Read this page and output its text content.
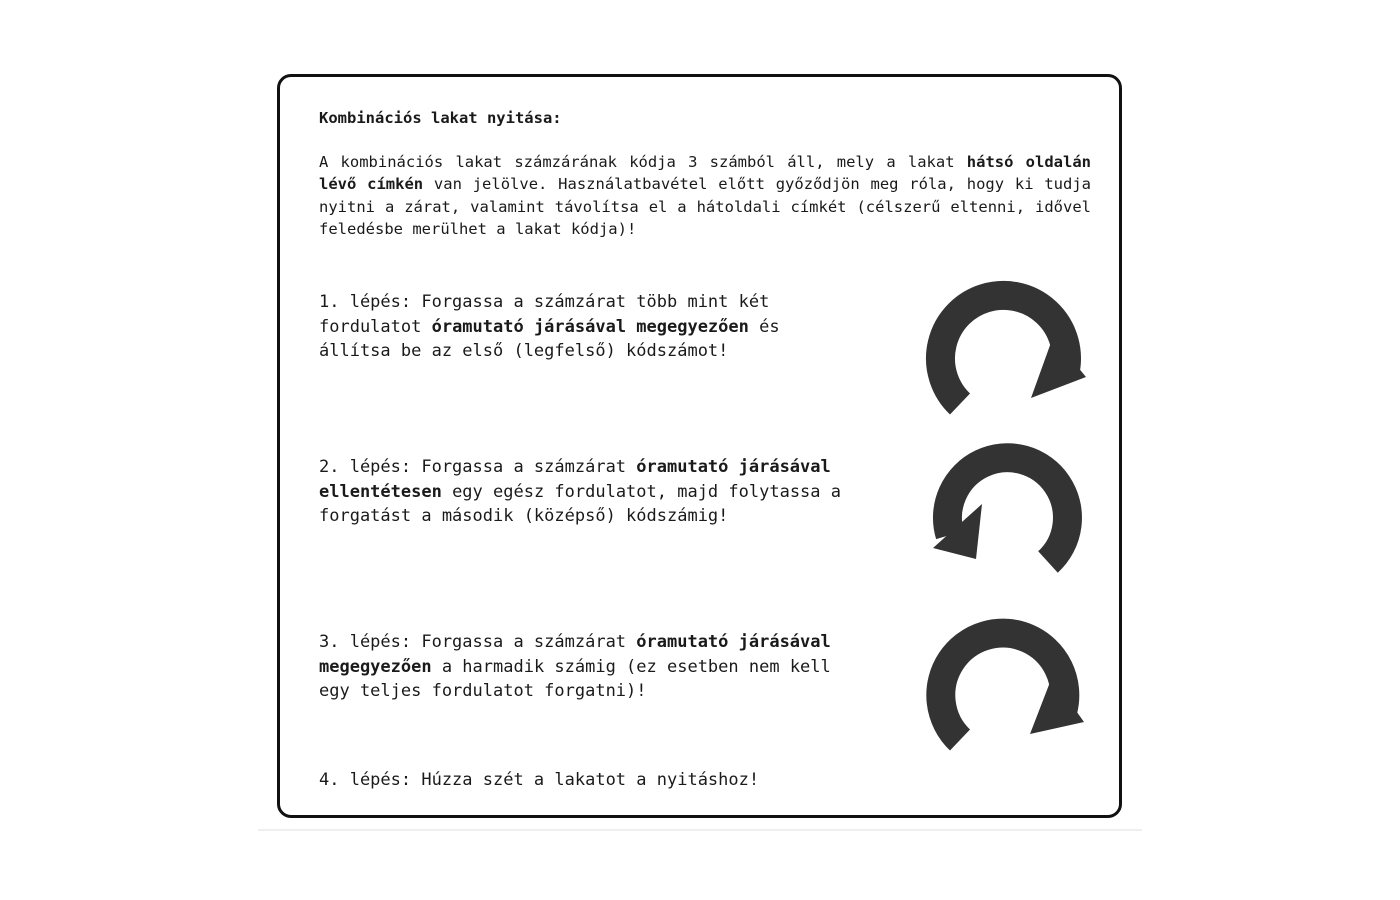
Kombinációs lakat nyitása:
A kombinációs lakat számzárának kódja 3 számból áll, mely a lakat hátsó oldalán lévő címkén van jelölve. Használatbavétel előtt győződjön meg róla, hogy ki tudja nyitni a zárat, valamint távolítsa el a hátoldali címkét (célszerű eltenni, idővel feledésbe merülhet a lakat kódja)!
1. lépés: Forgassa a számzárat több mint két
fordulatot óramutató járásával megegyezően és
állítsa be az első (legfelső) kódszámot!
2. lépés: Forgassa a számzárat óramutató járásával
ellentétesen egy egész fordulatot, majd folytassa a
forgatást a második (középső) kódszámig!
3. lépés: Forgassa a számzárat óramutató járásával
megegyezően a harmadik számig (ez esetben nem kell
egy teljes fordulatot forgatni)!
4. lépés: Húzza szét a lakatot a nyitáshoz!
